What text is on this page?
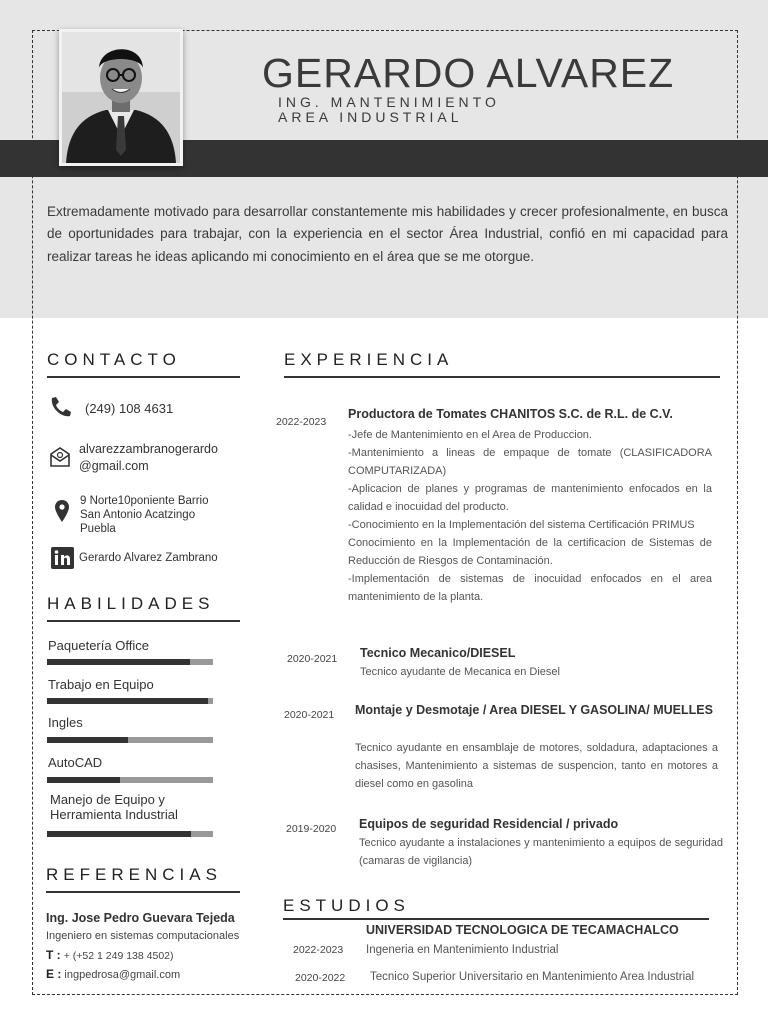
GERARDO ALVAREZ
ING. MANTENIMIENTO
AREA INDUSTRIAL
Extremadamente motivado para desarrollar constantemente mis habilidades y crecer profesionalmente, en busca de oportunidades para trabajar, con la experiencia en el sector Área Industrial, confió en mi capacidad para realizar tareas he ideas aplicando mi conocimiento en el área que se me otorgue.
CONTACTO
(249) 108 4631
alvarezzambranogerardo
@gmail.com
9 Norte10poniente Barrio
San Antonio Acatzingo
Puebla
Gerardo Alvarez Zambrano
HABILIDADES
Paquetería Office
Trabajo en Equipo
Ingles
AutoCAD
Manejo de Equipo y
Herramienta Industrial
REFERENCIAS
Ing. Jose Pedro Guevara Tejeda
Ingeniero en sistemas computacionales
T : + (+52 1 249 138 4502)
E : ingpedrosa@gmail.com
EXPERIENCIA
2022-2023
Productora de Tomates CHANITOS S.C. de R.L. de C.V.
-Jefe de Mantenimiento en el Area de Produccion.
-Mantenimiento a lineas de empaque de tomate (CLASIFICADORA COMPUTARIZADA)
-Aplicacion de planes y programas de mantenimiento enfocados en la calidad e inocuidad del producto.
-Conocimiento en la Implementación del sistema Certificación PRIMUS
Conocimiento en la Implementación de la certificacion de Sistemas de Reducción de Riesgos de Contaminación.
-Implementación de sistemas de inocuidad enfocados en el area mantenimiento de la planta.
2020-2021 Tecnico Mecanico/DIESEL
Tecnico ayudante de Mecanica en Diesel
2020-2021 Montaje y Desmotaje / Area DIESEL Y GASOLINA/ MUELLES
Tecnico ayudante en ensamblaje de motores, soldadura, adaptaciones a chasises, Mantenimiento a sistemas de suspencion, tanto en motores a diesel como en gasolina
2019-2020 Equipos de seguridad Residencial / privado
Tecnico ayudante a instalaciones y mantenimiento a equipos de seguridad (camaras de vigilancia)
ESTUDIOS
UNIVERSIDAD TECNOLOGICA DE TECAMACHALCO
2022-2023 Ingeneria en Mantenimiento Industrial
2020-2022 Tecnico Superior Universitario en Mantenimiento Area Industrial
